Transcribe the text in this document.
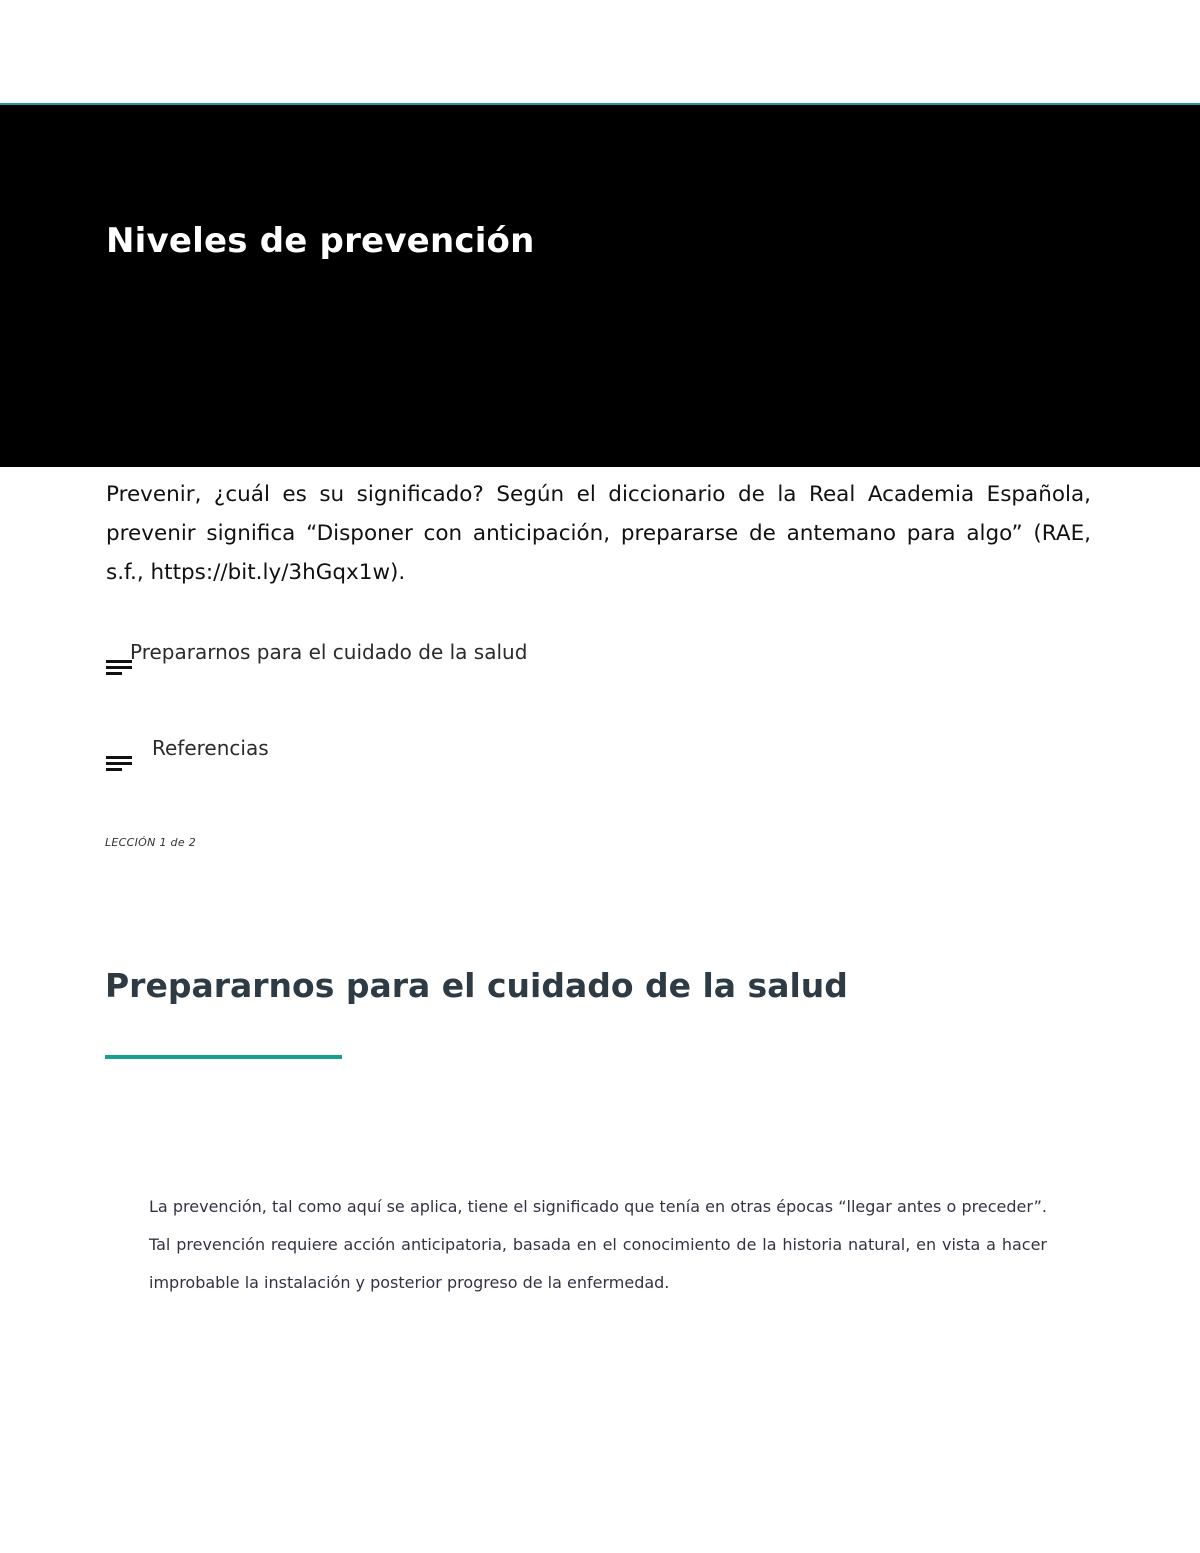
Niveles de prevención

Prevenir, ¿cuál es su significado? Según el diccionario de la Real Academia Española, prevenir significa “Disponer con anticipación, prepararse de antemano para algo” (RAE, s.f., https://bit.ly/3hGqx1w).

Prepararnos para el cuidado de la salud
Referencias

LECCIÓN 1 de 2

Prepararnos para el cuidado de la salud

La prevención, tal como aquí se aplica, tiene el significado que tenía en otras épocas “llegar antes o preceder”. Tal prevención requiere acción anticipatoria, basada en el conocimiento de la historia natural, en vista a hacer improbable la instalación y posterior progreso de la enfermedad.
